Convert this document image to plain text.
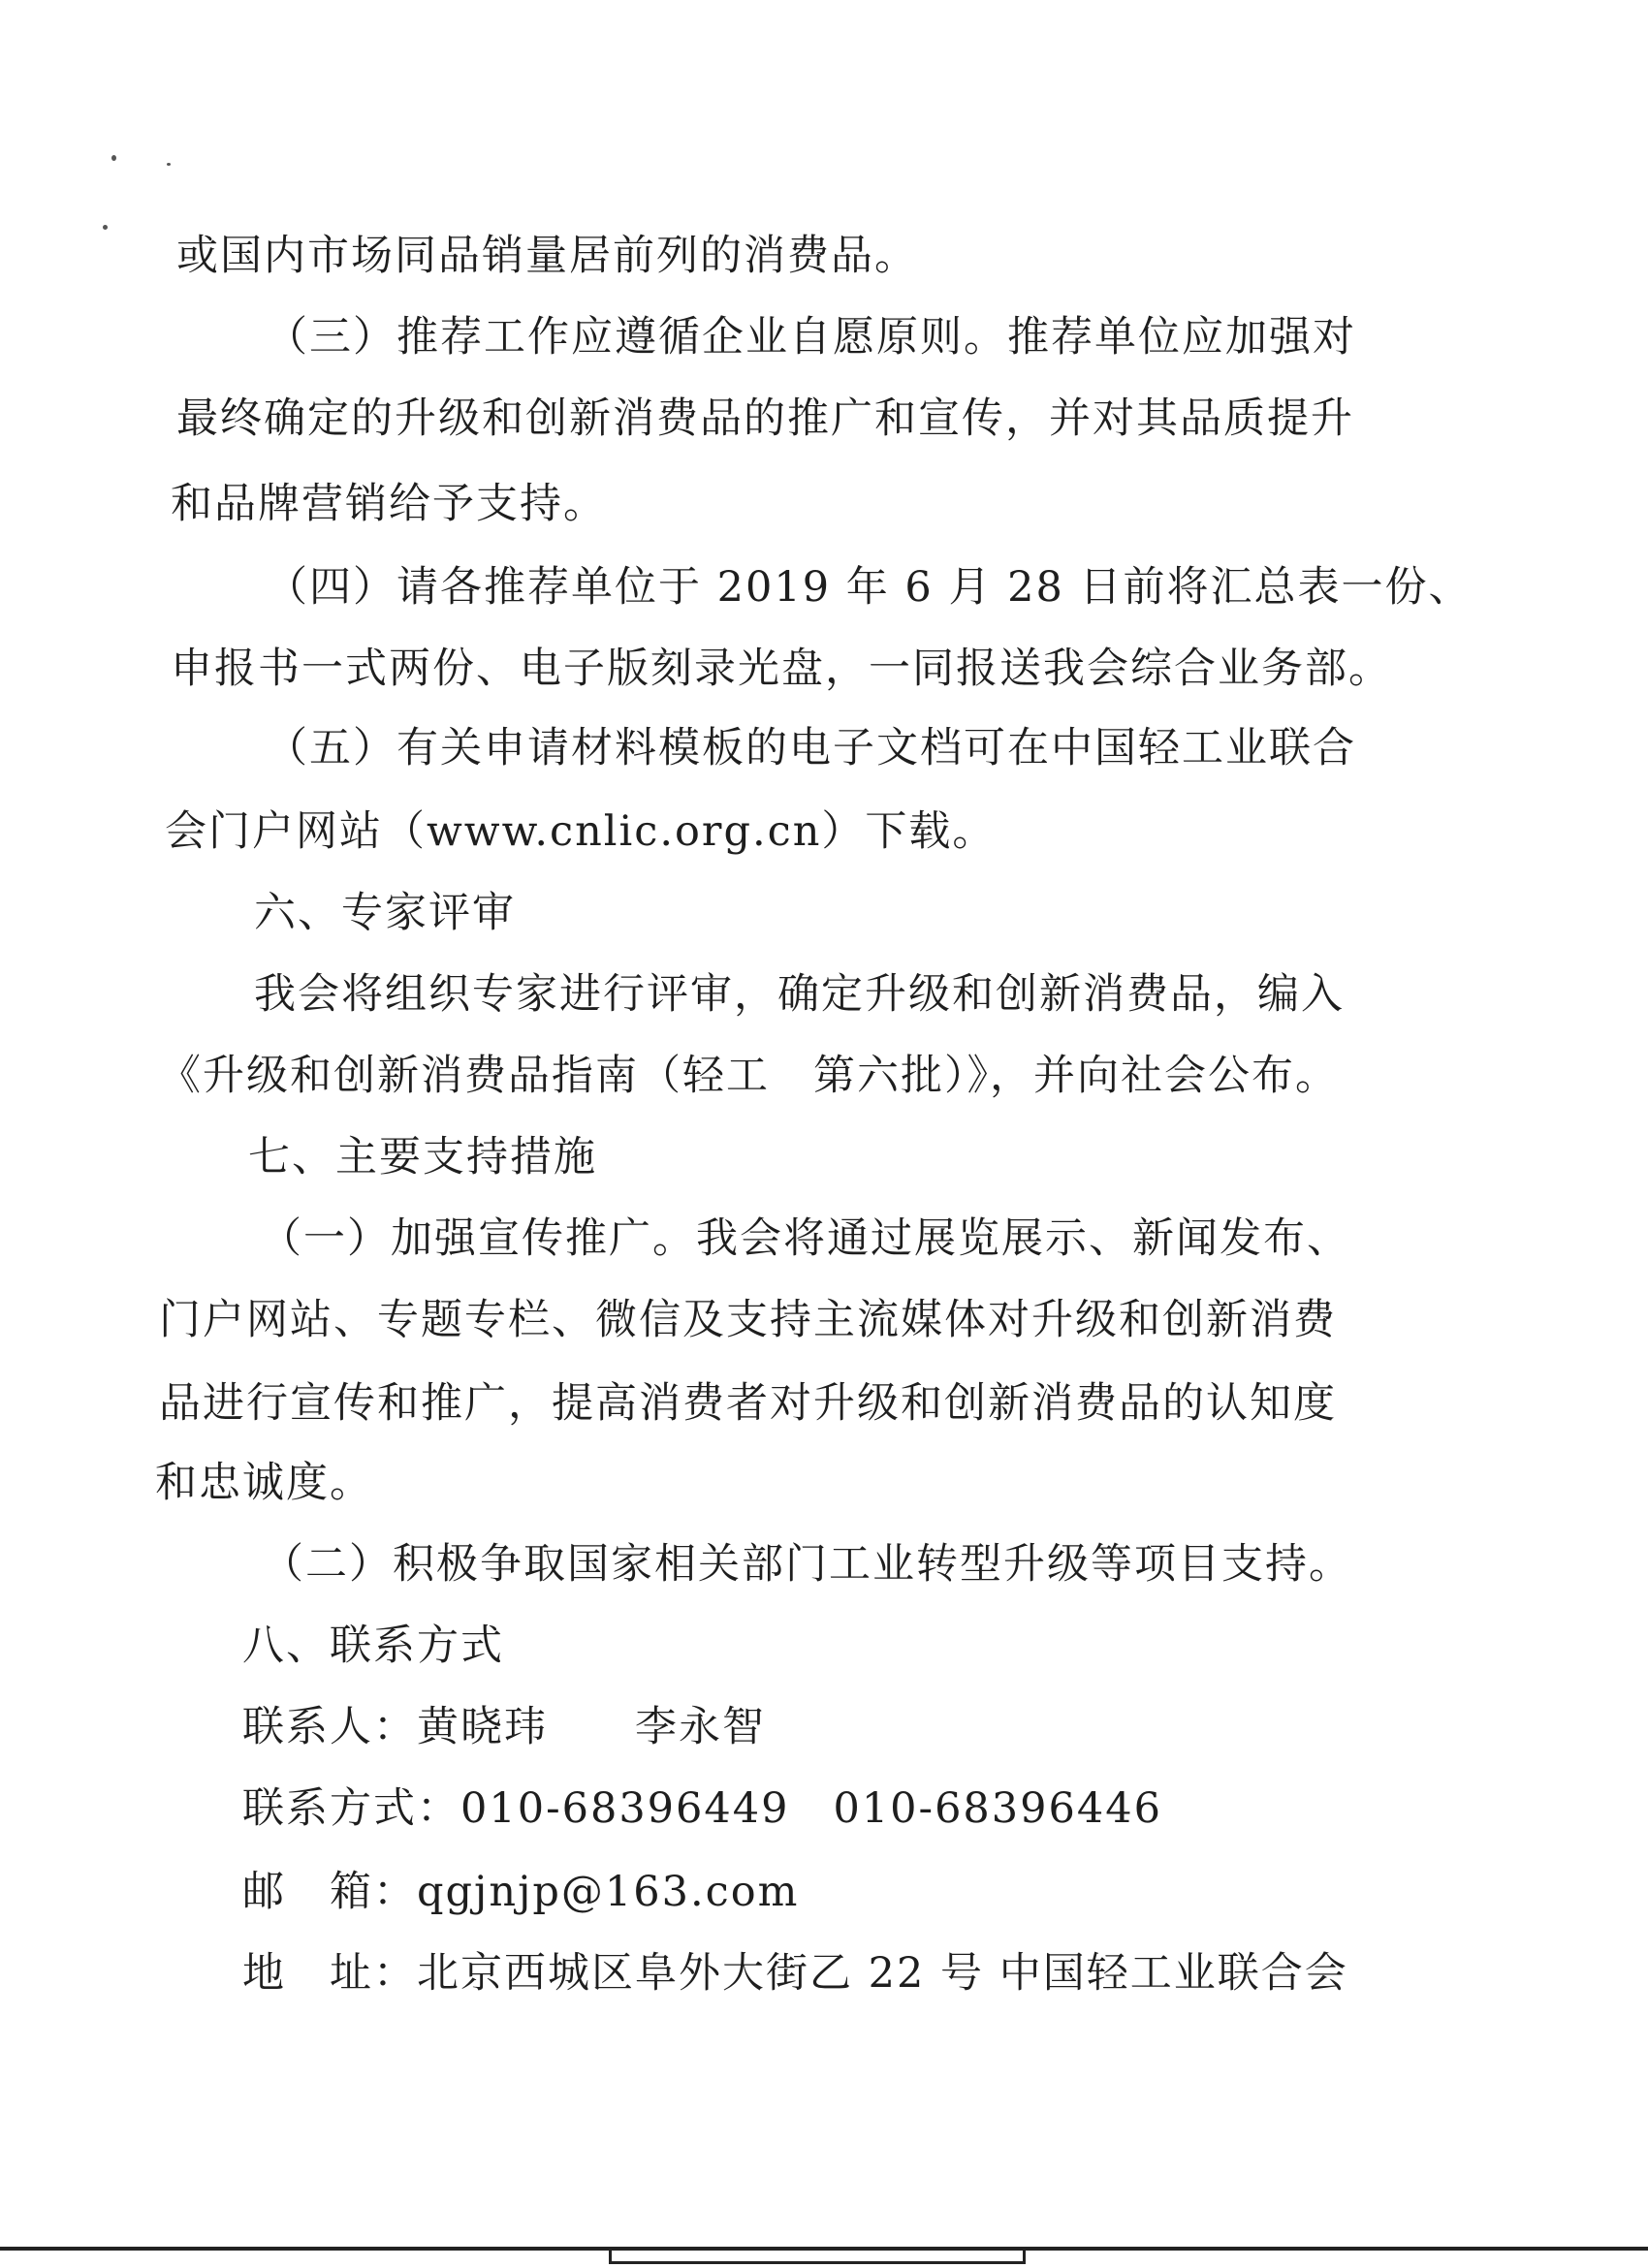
或国内市场同品销量居前列的消费品。
（三）推荐工作应遵循企业自愿原则。推荐单位应加强对
最终确定的升级和创新消费品的推广和宣传，并对其品质提升
和品牌营销给予支持。
（四）请各推荐单位于 2019 年 6 月 28 日前将汇总表一份、
申报书一式两份、电子版刻录光盘，一同报送我会综合业务部。
（五）有关申请材料模板的电子文档可在中国轻工业联合
会门户网站（www.cnlic.org.cn）下载。
六、专家评审
我会将组织专家进行评审，确定升级和创新消费品，编入
《升级和创新消费品指南（轻工　第六批）》，并向社会公布。
七、主要支持措施
（一）加强宣传推广。我会将通过展览展示、新闻发布、
门户网站、专题专栏、微信及支持主流媒体对升级和创新消费
品进行宣传和推广，提高消费者对升级和创新消费品的认知度
和忠诚度。
（二）积极争取国家相关部门工业转型升级等项目支持。
八、联系方式
联系人：黄晓玮　　李永智
联系方式：010-68396449　010-68396446
邮　箱：qgjnjp@163.com
地　址：北京西城区阜外大街乙 22 号 中国轻工业联合会
